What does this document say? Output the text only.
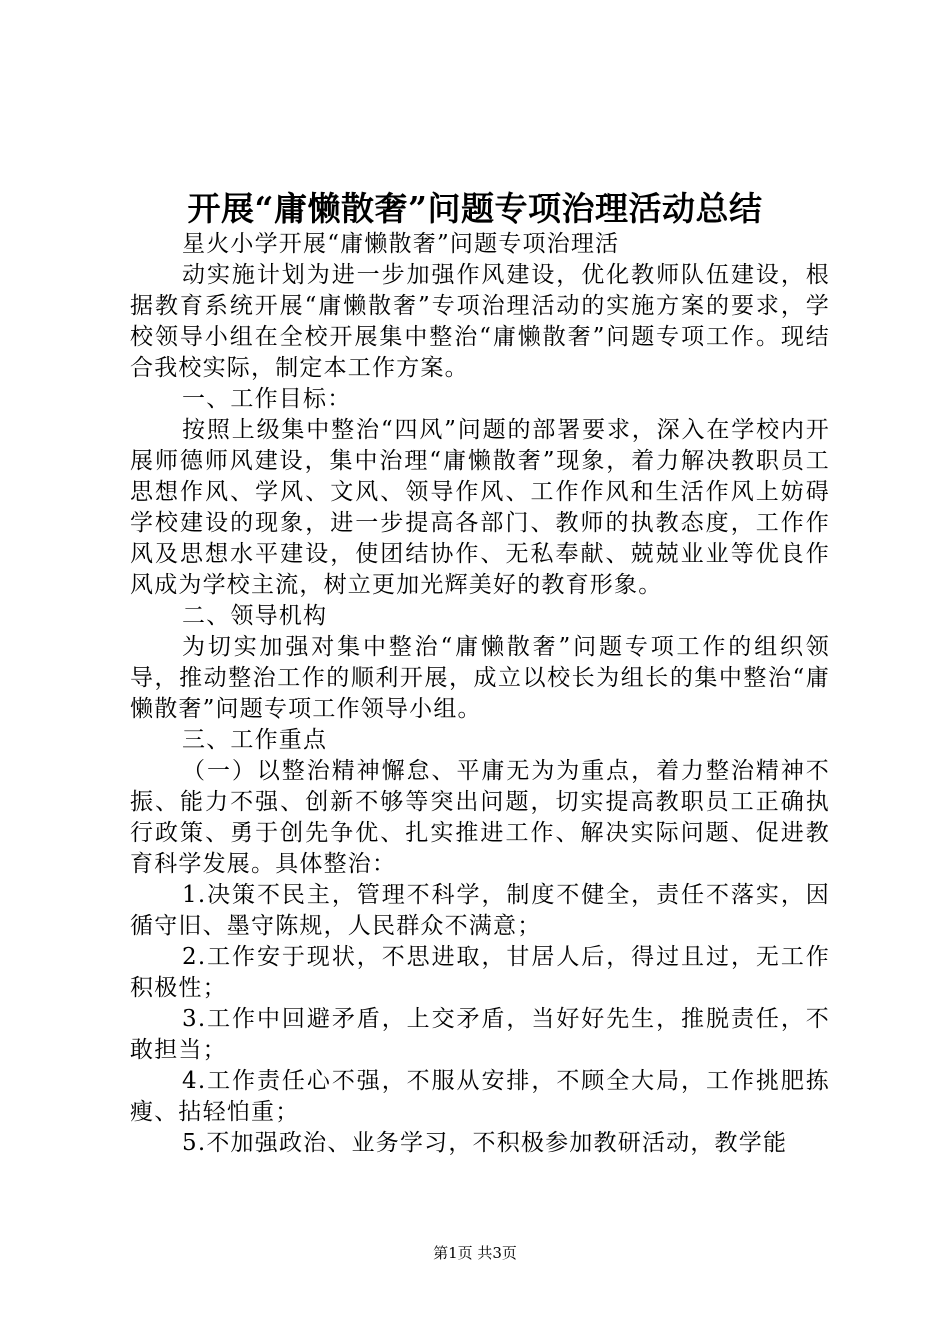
开展“庸懒散奢”问题专项治理活动总结

星火小学开展“庸懒散奢”问题专项治理活

动实施计划为进一步加强作风建设，优化教师队伍建设，根据教育系统开展“庸懒散奢”专项治理活动的实施方案的要求，学校领导小组在全校开展集中整治“庸懒散奢”问题专项工作。现结合我校实际，制定本工作方案。

一、工作目标：

按照上级集中整治“四风”问题的部署要求，深入在学校内开展师德师风建设，集中治理“庸懒散奢”现象，着力解决教职员工思想作风、学风、文风、领导作风、工作作风和生活作风上妨碍学校建设的现象，进一步提高各部门、教师的执教态度，工作作风及思想水平建设，使团结协作、无私奉献、兢兢业业等优良作风成为学校主流，树立更加光辉美好的教育形象。

二、领导机构

为切实加强对集中整治“庸懒散奢”问题专项工作的组织领导，推动整治工作的顺利开展，成立以校长为组长的集中整治“庸懒散奢”问题专项工作领导小组。

三、工作重点

（一）以整治精神懈怠、平庸无为为重点，着力整治精神不振、能力不强、创新不够等突出问题，切实提高教职员工正确执行政策、勇于创先争优、扎实推进工作、解决实际问题、促进教育科学发展。具体整治：

1.决策不民主，管理不科学，制度不健全，责任不落实，因循守旧、墨守陈规，人民群众不满意；

2.工作安于现状，不思进取，甘居人后，得过且过，无工作积极性；

3.工作中回避矛盾，上交矛盾，当好好先生，推脱责任，不敢担当；

4.工作责任心不强，不服从安排，不顾全大局，工作挑肥拣瘦、拈轻怕重；

5.不加强政治、业务学习，不积极参加教研活动，教学能

第1页 共3页
